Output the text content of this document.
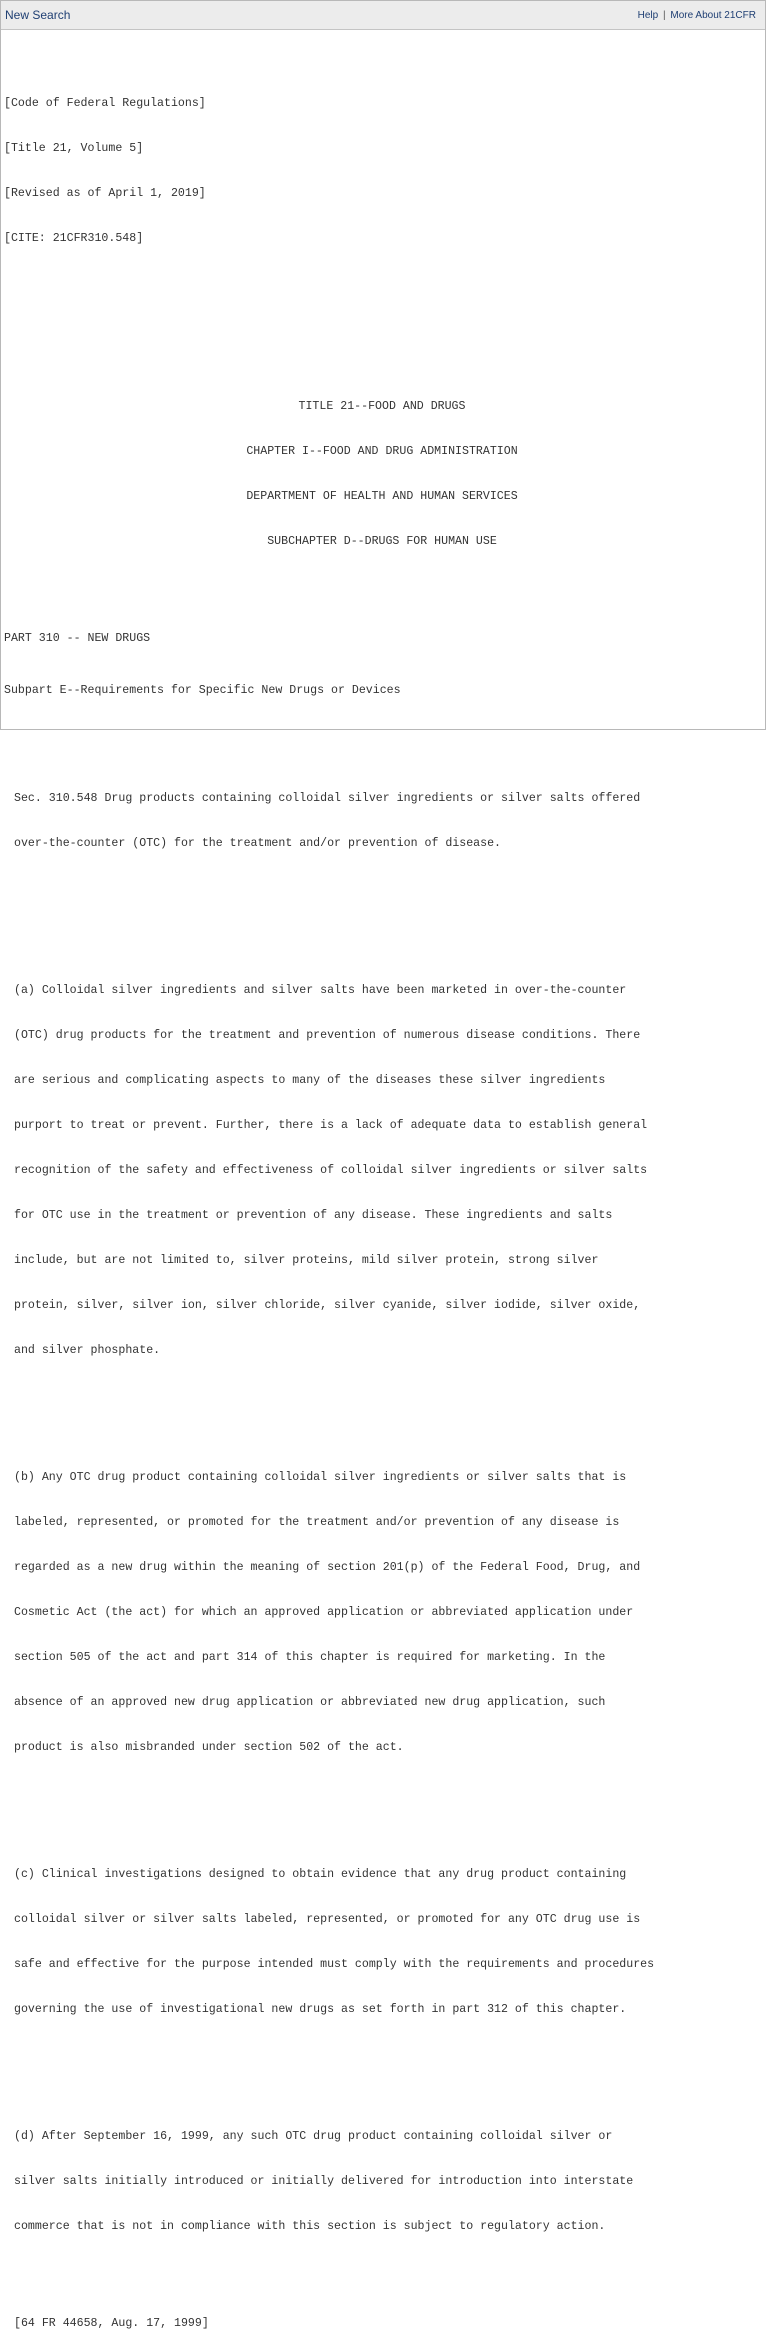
New Search	Help | More About 21CFR

[Code of Federal Regulations]

[Title 21, Volume 5]

[Revised as of April 1, 2019]

[CITE: 21CFR310.548]

TITLE 21--FOOD AND DRUGS

CHAPTER I--FOOD AND DRUG ADMINISTRATION

DEPARTMENT OF HEALTH AND HUMAN SERVICES

SUBCHAPTER D--DRUGS FOR HUMAN USE

PART 310 -- NEW DRUGS

Subpart E--Requirements for Specific New Drugs or Devices

Sec. 310.548 Drug products containing colloidal silver ingredients or silver salts offered

over-the-counter (OTC) for the treatment and/or prevention of disease.

(a) Colloidal silver ingredients and silver salts have been marketed in over-the-counter

(OTC) drug products for the treatment and prevention of numerous disease conditions. There

are serious and complicating aspects to many of the diseases these silver ingredients

purport to treat or prevent. Further, there is a lack of adequate data to establish general

recognition of the safety and effectiveness of colloidal silver ingredients or silver salts

for OTC use in the treatment or prevention of any disease. These ingredients and salts

include, but are not limited to, silver proteins, mild silver protein, strong silver

protein, silver, silver ion, silver chloride, silver cyanide, silver iodide, silver oxide,

and silver phosphate.

(b) Any OTC drug product containing colloidal silver ingredients or silver salts that is

labeled, represented, or promoted for the treatment and/or prevention of any disease is

regarded as a new drug within the meaning of section 201(p) of the Federal Food, Drug, and

Cosmetic Act (the act) for which an approved application or abbreviated application under

section 505 of the act and part 314 of this chapter is required for marketing. In the

absence of an approved new drug application or abbreviated new drug application, such

product is also misbranded under section 502 of the act.

(c) Clinical investigations designed to obtain evidence that any drug product containing

colloidal silver or silver salts labeled, represented, or promoted for any OTC drug use is

safe and effective for the purpose intended must comply with the requirements and procedures

governing the use of investigational new drugs as set forth in part 312 of this chapter.

(d) After September 16, 1999, any such OTC drug product containing colloidal silver or

silver salts initially introduced or initially delivered for introduction into interstate

commerce that is not in compliance with this section is subject to regulatory action.

[64 FR 44658, Aug. 17, 1999]
